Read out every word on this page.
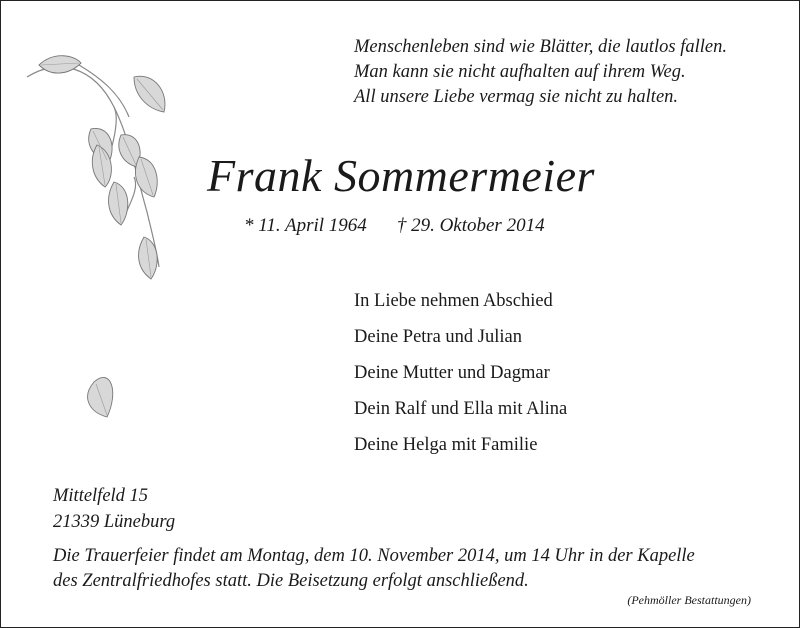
Menschenleben sind wie Blätter, die lautlos fallen.
Man kann sie nicht aufhalten auf ihrem Weg.
All unsere Liebe vermag sie nicht zu halten.
Frank Sommermeier
* 11. April 1964 † 29. Oktober 2014
In Liebe nehmen Abschied
Deine Petra und Julian
Deine Mutter und Dagmar
Dein Ralf und Ella mit Alina
Deine Helga mit Familie
Mittelfeld 15
21339 Lüneburg
Die Trauerfeier findet am Montag, dem 10. November 2014, um 14 Uhr in der Kapelle
des Zentralfriedhofes statt. Die Beisetzung erfolgt anschließend.
(Pehmöller Bestattungen)
